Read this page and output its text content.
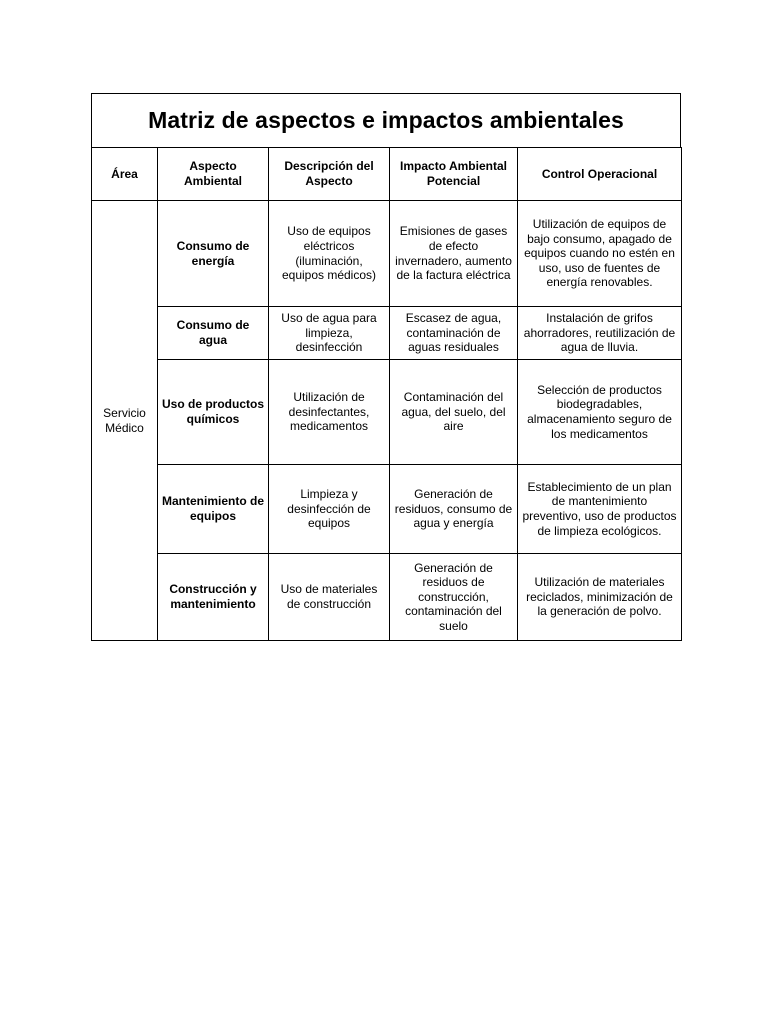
Matriz de aspectos e impactos ambientales
Área	Aspecto Ambiental	Descripción del Aspecto	Impacto Ambiental Potencial	Control Operacional
Servicio Médico	Consumo de energía	Uso de equipos eléctricos (iluminación, equipos médicos)	Emisiones de gases de efecto invernadero, aumento de la factura eléctrica	Utilización de equipos de bajo consumo, apagado de equipos cuando no estén en uso, uso de fuentes de energía renovables.
	Consumo de agua	Uso de agua para limpieza, desinfección	Escasez de agua, contaminación de aguas residuales	Instalación de grifos ahorradores, reutilización de agua de lluvia.
	Uso de productos químicos	Utilización de desinfectantes, medicamentos	Contaminación del agua, del suelo, del aire	Selección de productos biodegradables, almacenamiento seguro de los medicamentos
	Mantenimiento de equipos	Limpieza y desinfección de equipos	Generación de residuos, consumo de agua y energía	Establecimiento de un plan de mantenimiento preventivo, uso de productos de limpieza ecológicos.
	Construcción y mantenimiento	Uso de materiales de construcción	Generación de residuos de construcción, contaminación del suelo	Utilización de materiales reciclados, minimización de la generación de polvo.
